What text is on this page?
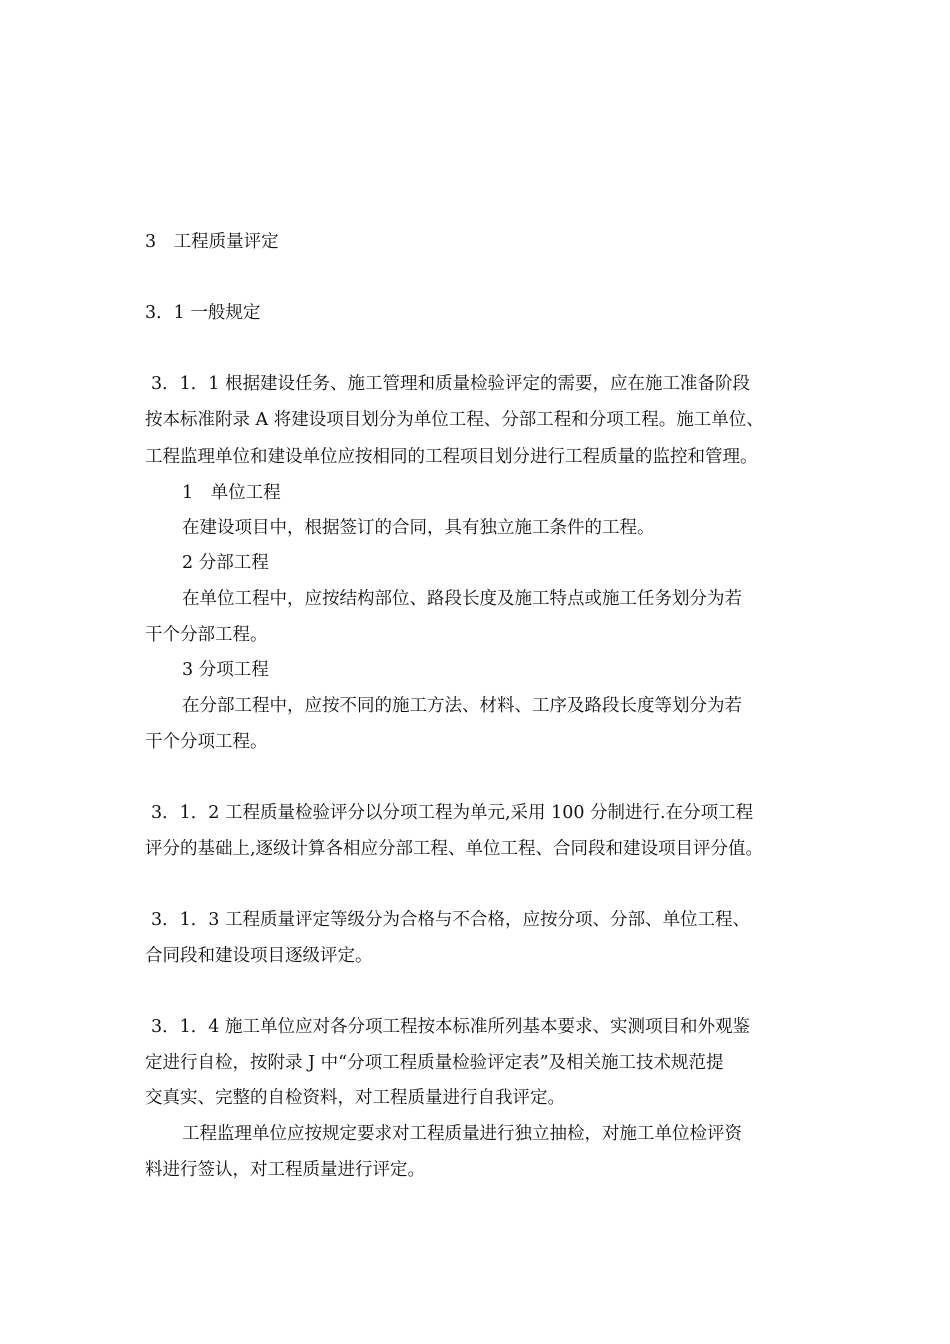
3　工程质量评定
3．1 一般规定
3．1．1 根据建设任务、施工管理和质量检验评定的需要，应在施工准备阶段
按本标准附录 A 将建设项目划分为单位工程、分部工程和分项工程。施工单位、
工程监理单位和建设单位应按相同的工程项目划分进行工程质量的监控和管理。
1　单位工程
在建设项目中，根据签订的合同，具有独立施工条件的工程。
2 分部工程
在单位工程中，应按结构部位、路段长度及施工特点或施工任务划分为若
干个分部工程。
3 分项工程
在分部工程中，应按不同的施工方法、材料、工序及路段长度等划分为若
干个分项工程。
3．1．2 工程质量检验评分以分项工程为单元,采用 100 分制进行.在分项工程
评分的基础上,逐级计算各相应分部工程、单位工程、合同段和建设项目评分值。
3．1．3 工程质量评定等级分为合格与不合格，应按分项、分部、单位工程、
合同段和建设项目逐级评定。
3．1．4 施工单位应对各分项工程按本标准所列基本要求、实测项目和外观鉴
定进行自检，按附录 J 中“分项工程质量检验评定表”及相关施工技术规范提
交真实、完整的自检资料，对工程质量进行自我评定。
工程监理单位应按规定要求对工程质量进行独立抽检，对施工单位检评资
料进行签认，对工程质量进行评定。
